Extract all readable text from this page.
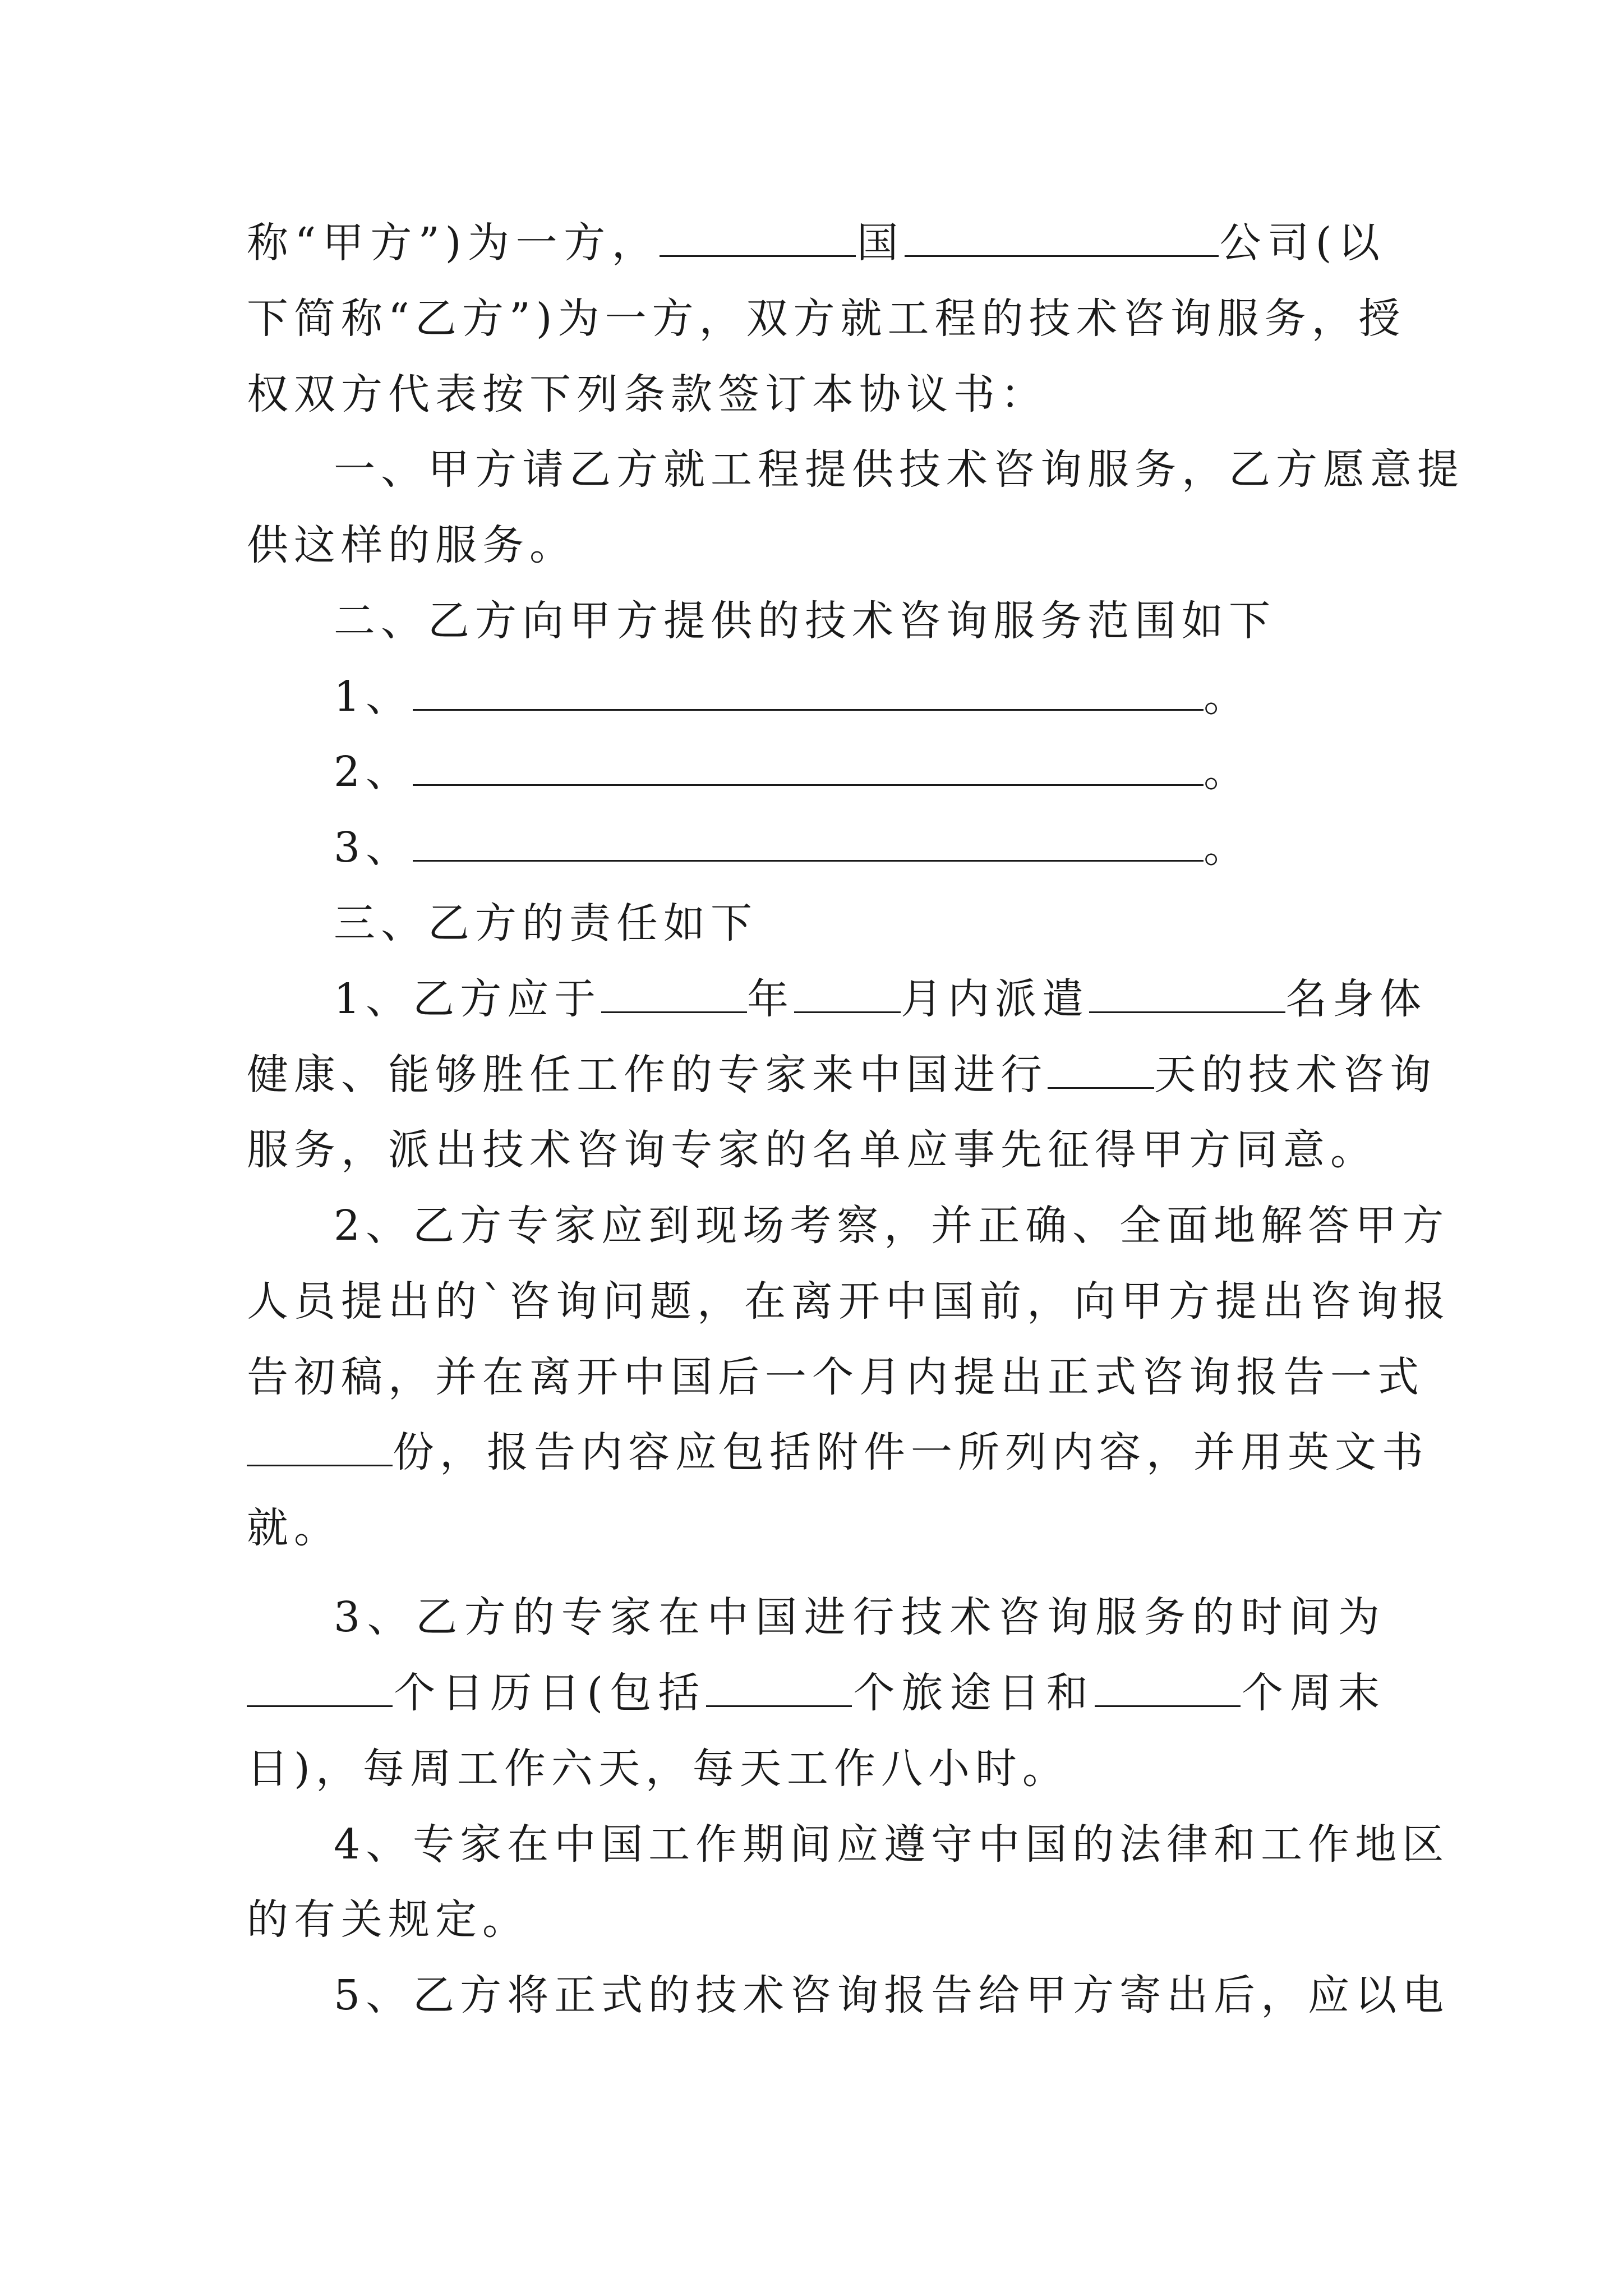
称“甲方”)为一方，	国	公司(以
下简称“乙方”)为一方，双方就工程的技术咨询服务，授
权双方代表按下列条款签订本协议书：
一、甲方请乙方就工程提供技术咨询服务，乙方愿意提
供这样的服务。
二、乙方向甲方提供的技术咨询服务范围如下
1、	。
2、	。
3、	。
三、乙方的责任如下
1、乙方应于	年	月内派遣	名身体
健康、能够胜任工作的专家来中国进行	天的技术咨询
服务，派出技术咨询专家的名单应事先征得甲方同意。
2、乙方专家应到现场考察，并正确、全面地解答甲方
人员提出的`咨询问题，在离开中国前，向甲方提出咨询报
告初稿，并在离开中国后一个月内提出正式咨询报告一式
份，报告内容应包括附件一所列内容，并用英文书
就。
3、乙方的专家在中国进行技术咨询服务的时间为
个日历日(包括	个旅途日和	个周末
日)，每周工作六天，每天工作八小时。
4、专家在中国工作期间应遵守中国的法律和工作地区
的有关规定。
5、乙方将正式的技术咨询报告给甲方寄出后，应以电
